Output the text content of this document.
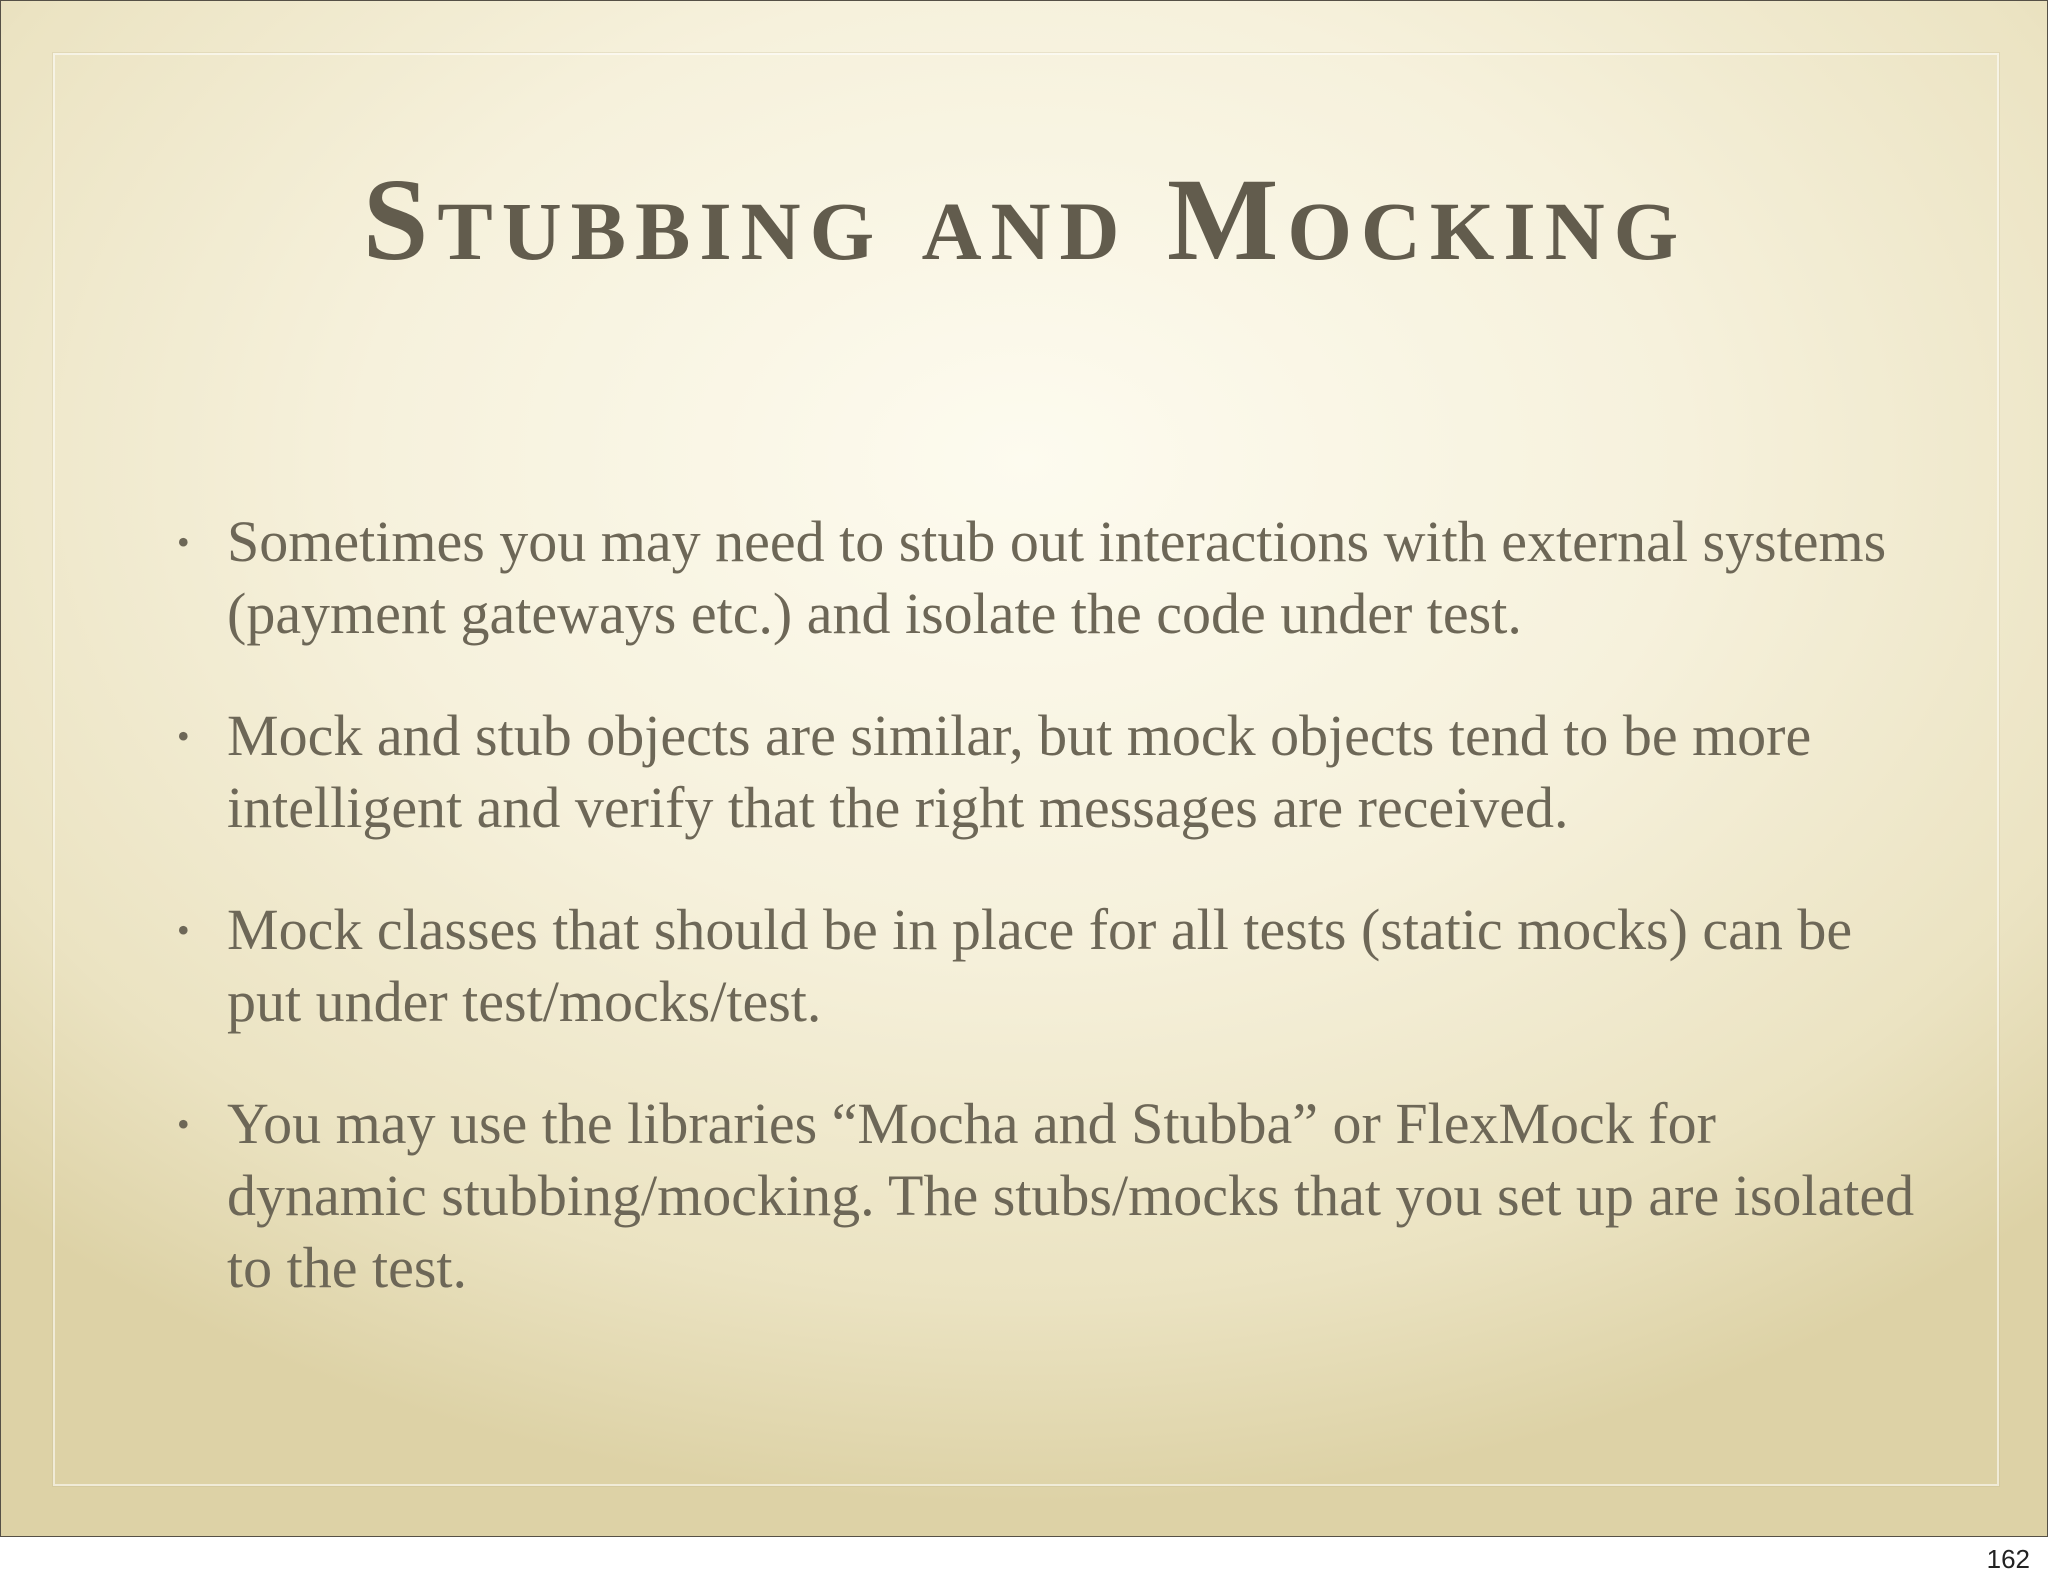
Stubbing and Mocking
• Sometimes you may need to stub out interactions with external systems (payment gateways etc.) and isolate the code under test.
• Mock and stub objects are similar, but mock objects tend to be more intelligent and verify that the right messages are received.
• Mock classes that should be in place for all tests (static mocks) can be put under test/mocks/test.
• You may use the libraries “Mocha and Stubba” or FlexMock for dynamic stubbing/mocking. The stubs/mocks that you set up are isolated to the test.
162
